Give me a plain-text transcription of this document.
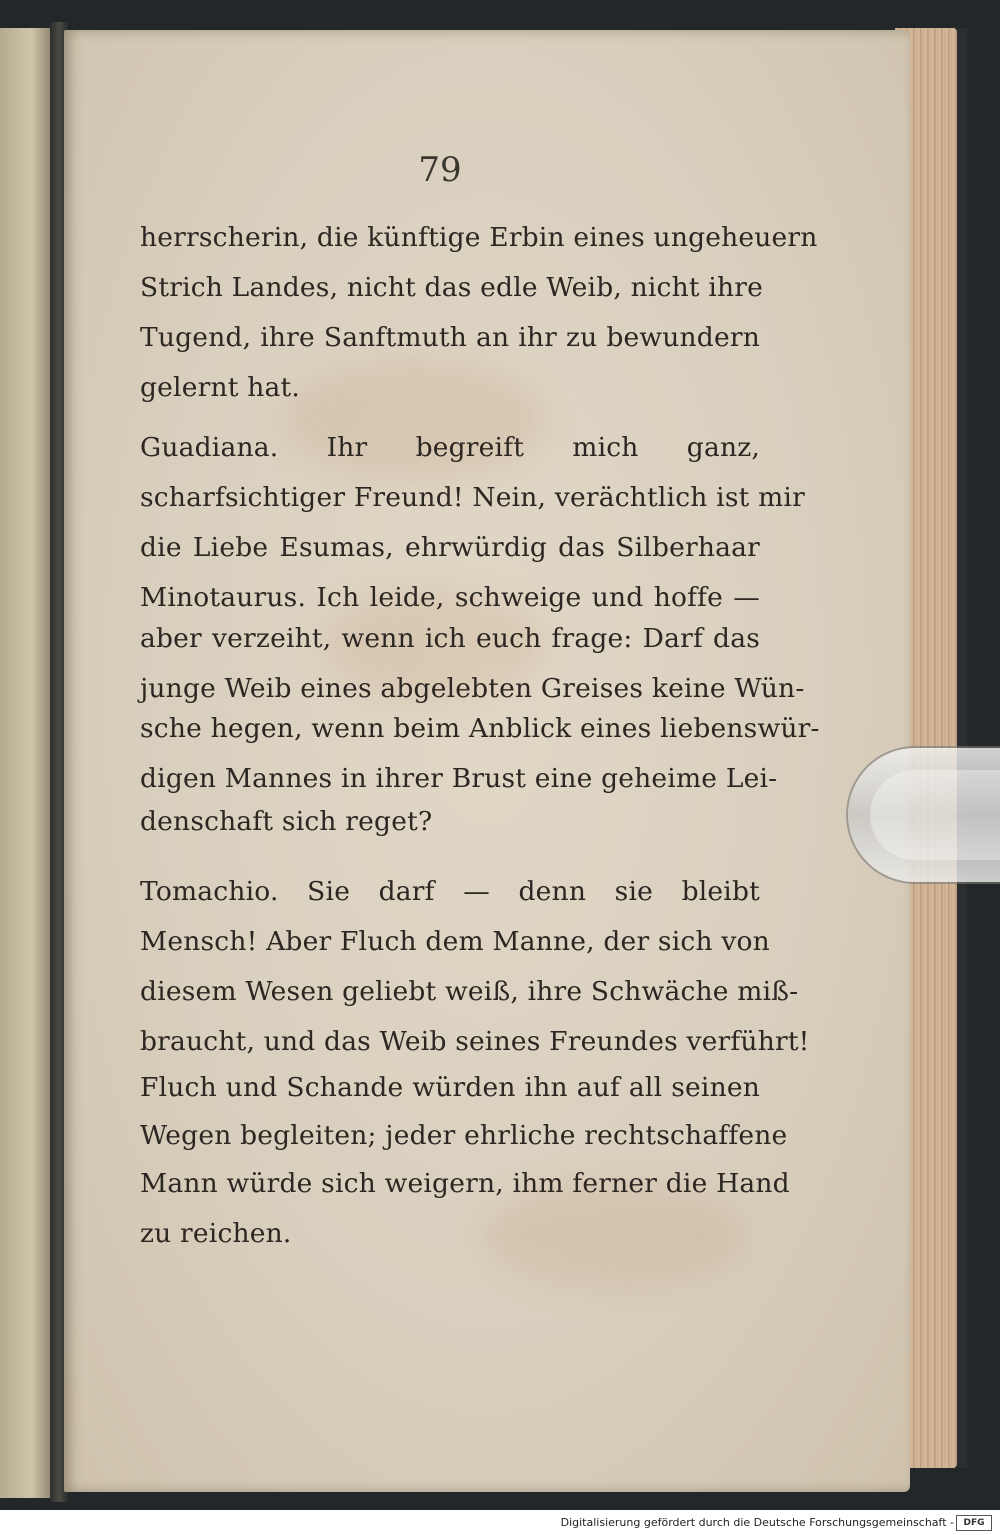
79
herrscherin, die künftige Erbin eines ungeheuern
Strich Landes, nicht das edle Weib, nicht ihre
Tugend, ihre Sanftmuth an ihr zu bewundern
gelernt hat.
Guadiana. Ihr begreift mich ganz,
scharfsichtiger Freund! Nein, verächtlich ist mir
die Liebe Esumas, ehrwürdig das Silberhaar
Minotaurus. Ich leide, schweige und hoffe —
aber verzeiht, wenn ich euch frage: Darf das
junge Weib eines abgelebten Greises keine Wün-
sche hegen, wenn beim Anblick eines liebenswür-
digen Mannes in ihrer Brust eine geheime Lei-
denschaft sich reget?
Tomachio. Sie darf — denn sie bleibt
Mensch! Aber Fluch dem Manne, der sich von
diesem Wesen geliebt weiß, ihre Schwäche miß-
braucht, und das Weib seines Freundes verführt!
Fluch und Schande würden ihn auf all seinen
Wegen begleiten; jeder ehrliche rechtschaffene
Mann würde sich weigern, ihm ferner die Hand
zu reichen.
Digitalisierung gefördert durch die Deutsche Forschungsgemeinschaft -	DFG
